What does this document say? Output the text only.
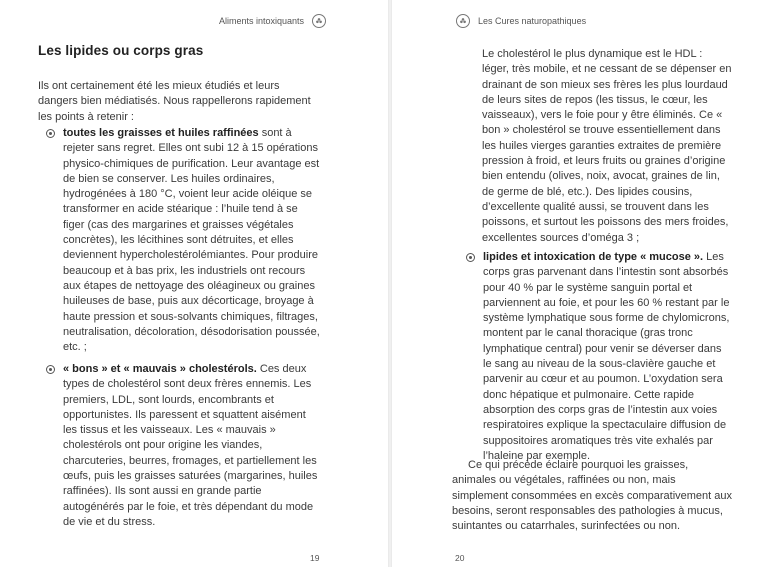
Aliments intoxiquants	Les Cures naturopathiques
Les lipides ou corps gras

Ils ont certainement été les mieux étudiés et leurs dangers bien médiatisés. Nous rappellerons rapidement les points à retenir :

toutes les graisses et huiles raffinées sont à rejeter sans regret. Elles ont subi 12 à 15 opérations physico-chimiques de purification. Leur avantage est de bien se conserver. Les huiles ordinaires, hydrogénées à 180 °C, voient leur acide oléique se transformer en acide stéarique : l’huile tend à se figer (cas des margarines et graisses végétales concrètes), les lécithines sont détruites, et elles deviennent hypercholestérolémiantes. Pour produire beaucoup et à bas prix, les industriels ont recours aux étapes de nettoyage des oléagineux ou graines huileuses de base, puis aux décorticage, broyage à haute pression et sous-solvants chimiques, filtrages, neutralisation, décoloration, désodorisation poussée, etc. ;
« bons » et « mauvais » cholestérols. Ces deux types de cholestérol sont deux frères ennemis. Les premiers, LDL, sont lourds, encombrants et opportunistes. Ils paressent et squattent aisément les tissus et les vaisseaux. Les « mauvais » cholestérols ont pour origine les viandes, charcuteries, beurres, fromages, et partiellement les œufs, puis les graisses saturées (margarines, huiles raffinées). Ils sont aussi en grande partie autogénérés par le foie, et très dépendant du mode de vie et du stress.
19

Le cholestérol le plus dynamique est le HDL : léger, très mobile, et ne cessant de se dépenser en drainant de son mieux ses frères les plus lourdaud de leurs sites de repos (les tissus, le cœur, les vaisseaux), vers le foie pour y être éliminés. Ce « bon » cholestérol se trouve essentiellement dans les huiles vierges garanties extraites de première pression à froid, et leurs fruits ou graines d’origine bien entendu (olives, noix, avocat, graines de lin, de germe de blé, etc.). Des lipides cousins, d’excellente qualité aussi, se trouvent dans les poissons, et surtout les poissons des mers froides, excellentes sources d’oméga 3 ;

lipides et intoxication de type « mucose ». Les corps gras parvenant dans l’intestin sont absorbés pour 40 % par le système sanguin portal et parviennent au foie, et pour les 60 % restant par le système lymphatique sous forme de chylomicrons, montent par le canal thoracique (gras tronc lymphatique central) pour venir se déverser dans le sang au niveau de la sous-clavière gauche et parvenir au cœur et au poumon. L’oxydation sera donc hépatique et pulmonaire. Cette rapide absorption des corps gras de l’intestin aux voies respiratoires explique la spectaculaire diffusion de suppositoires aromatiques très vite exhalés par l’haleine par exemple.

Ce qui précède éclaire pourquoi les graisses, animales ou végétales, raffinées ou non, mais simplement consommées en excès comparativement aux besoins, seront responsables des pathologies à mucus, suintantes ou catarrhales, surinfectées ou non.

20
